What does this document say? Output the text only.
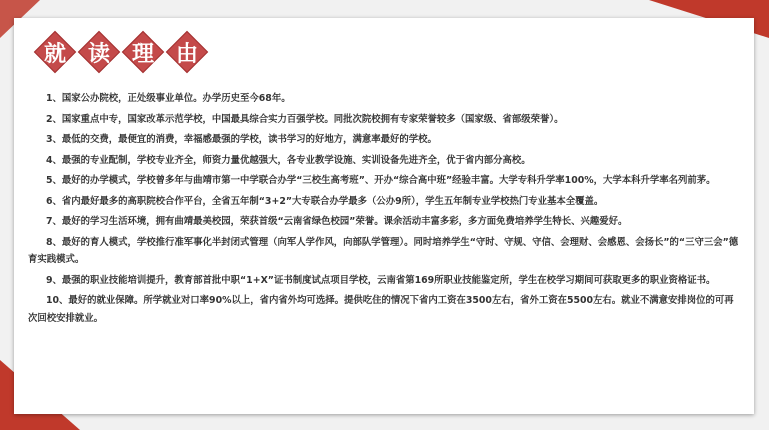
就 读 理 由

1、国家公办院校，正处级事业单位。办学历史至今68年。

2、国家重点中专，国家改革示范学校，中国最具综合实力百强学校。同批次院校拥有专家荣誉较多（国家级、省部级荣誉）。

3、最低的交费，最便宜的消费，幸福感最强的学校，读书学习的好地方，满意率最好的学校。

4、最强的专业配制，学校专业齐全，师资力量优越强大，各专业教学设施、实训设备先进齐全，优于省内部分高校。

5、最好的办学模式，学校曾多年与曲靖市第一中学联合办学“三校生高考班”、开办“综合高中班”经验丰富。大学专科升学率100%，大学本科升学率名列前茅。

6、省内最好最多的高职院校合作平台，全省五年制“3+2”大专联合办学最多（公办9所），学生五年制专业学校热门专业基本全覆盖。

7、最好的学习生活环境，拥有曲靖最美校园，荣获首级“云南省绿色校园”荣誉。课余活动丰富多彩，多方面免费培养学生特长、兴趣爱好。

8、最好的育人模式，学校推行准军事化半封闭式管理（向军人学作风，向部队学管理）。同时培养学生“守时、守规、守信、会理财、会感恩、会扬长”的“三守三会”德育实践模式。

9、最强的职业技能培训提升，教育部首批中职“1+X”证书制度试点项目学校，云南省第169所职业技能鉴定所，学生在校学习期间可获取更多的职业资格证书。

10、最好的就业保障。所学就业对口率90%以上，省内省外均可选择。提供吃住的情况下省内工资在3500左右，省外工资在5500左右。就业不满意安排岗位的可再次回校安排就业。
